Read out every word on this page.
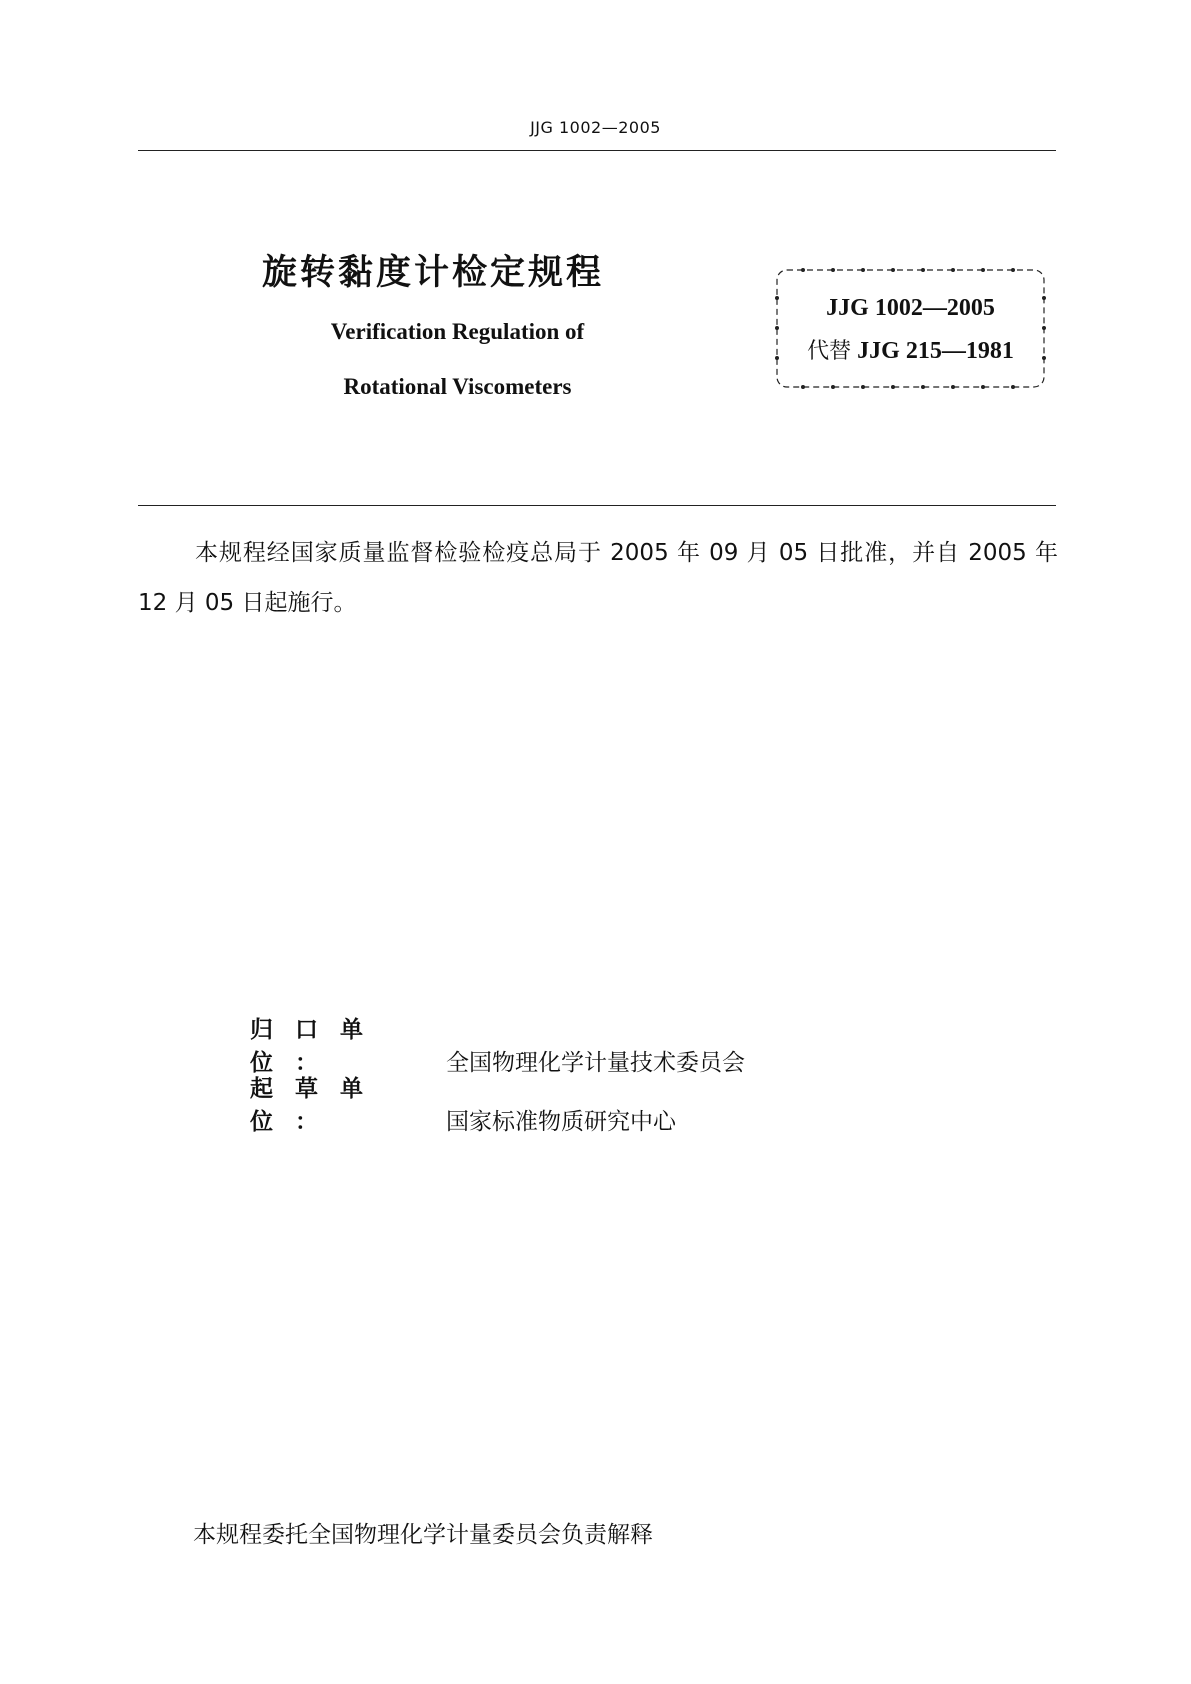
JJG 1002—2005
旋转黏度计检定规程
Verification Regulation of
Rotational Viscometers
JJG 1002—2005
代替 JJG 215—1981
本规程经国家质量监督检验检疫总局于 2005 年 09 月 05 日批准，并自 2005 年 12 月 05 日起施行。
归口单位：	全国物理化学计量技术委员会
起草单位：	国家标准物质研究中心
本规程委托全国物理化学计量委员会负责解释
